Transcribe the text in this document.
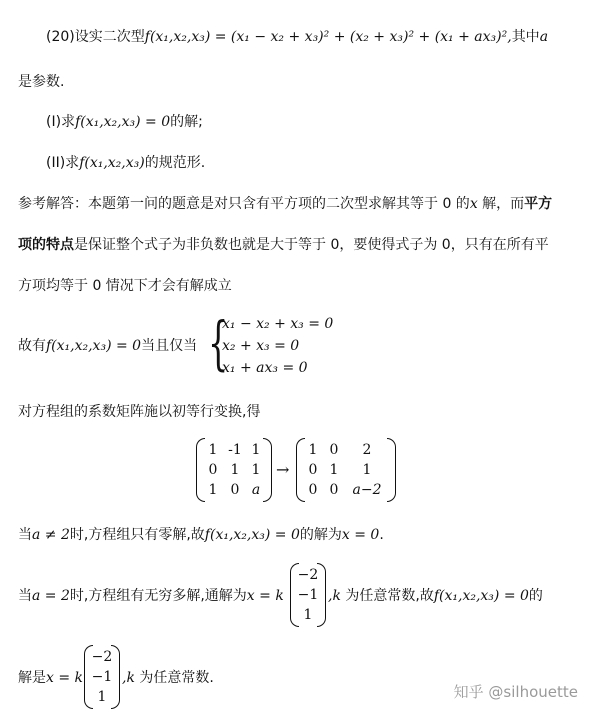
(20)设实二次型f(x₁,x₂,x₃) = (x₁ − x₂ + x₃)² + (x₂ + x₃)² + (x₁ + ax₃)²,其中a
是参数.
(I)求f(x₁,x₂,x₃) = 0的解;
(II)求f(x₁,x₂,x₃)的规范形.
参考解答：本题第一问的题意是对只含有平方项的二次型求解其等于 0 的x 解，而平方
项的特点是保证整个式子为非负数也就是大于等于 0，要使得式子为 0，只有在所有平
方项均等于 0 情况下才会有解成立
故有f(x₁,x₂,x₃) = 0当且仅当 {
x₁ − x₂ + x₃ = 0
x₂ + x₃ = 0
x₁ + ax₃ = 0
对方程组的系数矩阵施以初等行变换,得
1 -1 1
0 1 1
1 0 a
→
1 0	2
0 1	1
0 0	a−2
当a ≠ 2时,方程组只有零解,故f(x₁,x₂,x₃) = 0的解为x = 0.
当a = 2时,方程组有无穷多解,通解为x = k
−2
−1
1
,k 为任意常数,故f(x₁,x₂,x₃) = 0的
解是x = k
−2
−1
1
,k 为任意常数.
知乎 @silhouette
